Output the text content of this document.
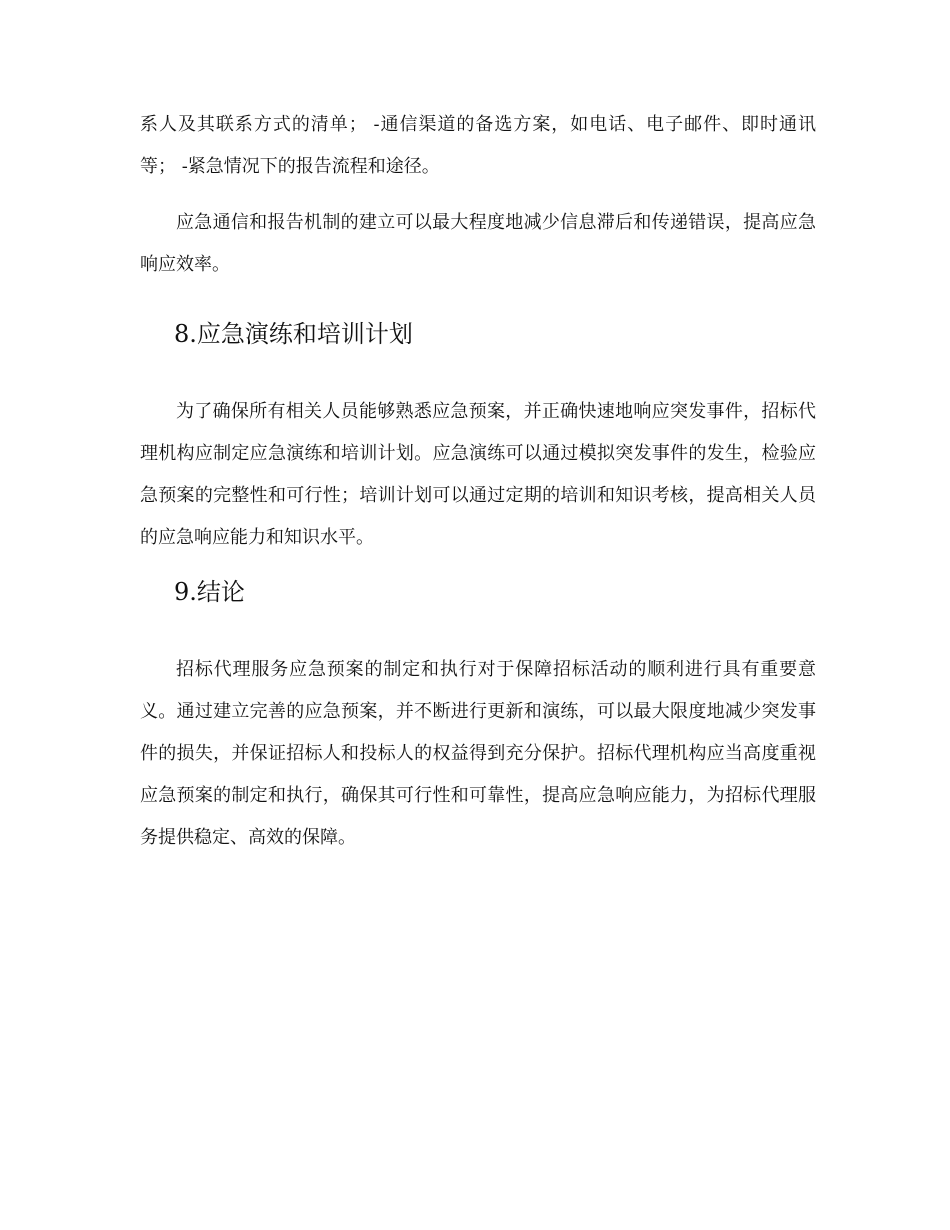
系人及其联系方式的清单； -通信渠道的备选方案，如电话、电子邮件、即时通讯等； -紧急情况下的报告流程和途径。

应急通信和报告机制的建立可以最大程度地减少信息滞后和传递错误，提高应急响应效率。

8.应急演练和培训计划

为了确保所有相关人员能够熟悉应急预案，并正确快速地响应突发事件，招标代理机构应制定应急演练和培训计划。应急演练可以通过模拟突发事件的发生，检验应急预案的完整性和可行性；培训计划可以通过定期的培训和知识考核，提高相关人员的应急响应能力和知识水平。

9.结论

招标代理服务应急预案的制定和执行对于保障招标活动的顺利进行具有重要意义。通过建立完善的应急预案，并不断进行更新和演练，可以最大限度地减少突发事件的损失，并保证招标人和投标人的权益得到充分保护。招标代理机构应当高度重视应急预案的制定和执行，确保其可行性和可靠性，提高应急响应能力，为招标代理服务提供稳定、高效的保障。
